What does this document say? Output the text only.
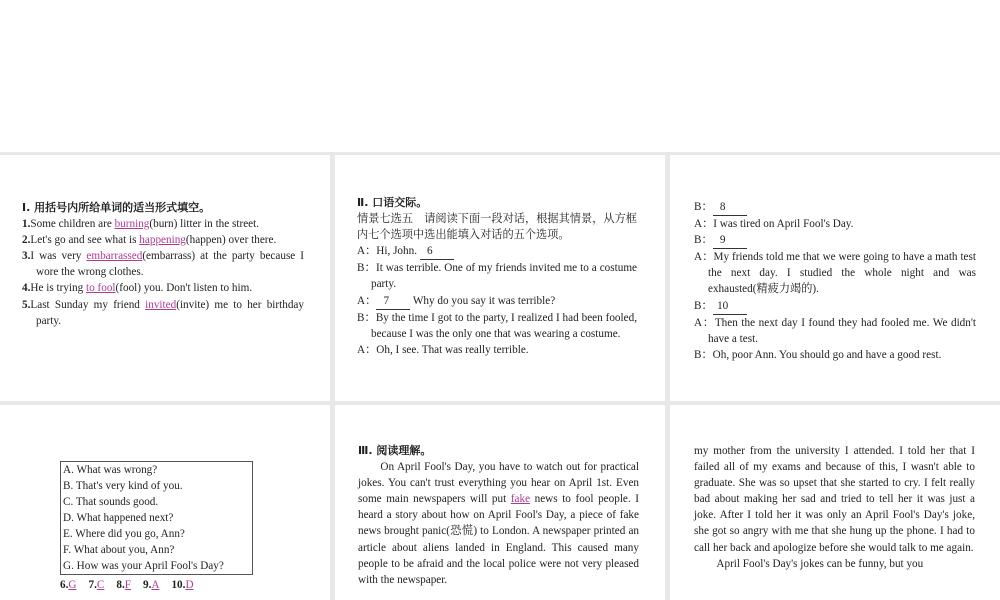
Ⅰ. 用括号内所给单词的适当形式填空。
1.Some children are burning(burn) litter in the street.
2.Let's go and see what is happening(happen) over there.
3.I was very embarrassed(embarrass) at the party because I wore the wrong clothes.
4.He is trying to fool(fool) you. Don't listen to him.
5.Last Sunday my friend invited(invite) me to her birthday party.
Ⅱ. 口语交际。
情景七选五　请阅读下面一段对话，根据其情景，从方框内七个选项中选出能填入对话的五个选项。
A：Hi, John. 6
B：It was terrible. One of my friends invited me to a costume party.
A： 7 Why do you say it was terrible?
B：By the time I got to the party, I realized I had been fooled, because I was the only one that was wearing a costume.
A：Oh, I see. That was really terrible.
B： 8
A：I was tired on April Fool's Day.
B： 9
A：My friends told me that we were going to have a math test the next day. I studied the whole night and was exhausted(精疲力竭的).
B： 10
A：Then the next day I found they had fooled me. We didn't have a test.
B：Oh, poor Ann. You should go and have a good rest.
A. What was wrong?
B. That's very kind of you.
C. That sounds good.
D. What happened next?
E. Where did you go, Ann?
F. What about you, Ann?
G. How was your April Fool's Day?
6.G 7.C 8.F 9.A 10.D
Ⅲ. 阅读理解。
On April Fool's Day, you have to watch out for practical jokes. You can't trust everything you hear on April 1st. Even some main newspapers will put fake news to fool people. I heard a story about how on April Fool's Day, a piece of fake news brought panic(恐慌) to London. A newspaper printed an article about aliens landed in England. This caused many people to be afraid and the local police were not very pleased with the newspaper.
my mother from the university I attended. I told her that I failed all of my exams and because of this, I wasn't able to graduate. She was so upset that she started to cry. I felt really bad about making her sad and tried to tell her it was just a joke. After I told her it was only an April Fool's Day's joke, she got so angry with me that she hung up the phone. I had to call her back and apologize before she would talk to me again.
April Fool's Day's jokes can be funny, but you
